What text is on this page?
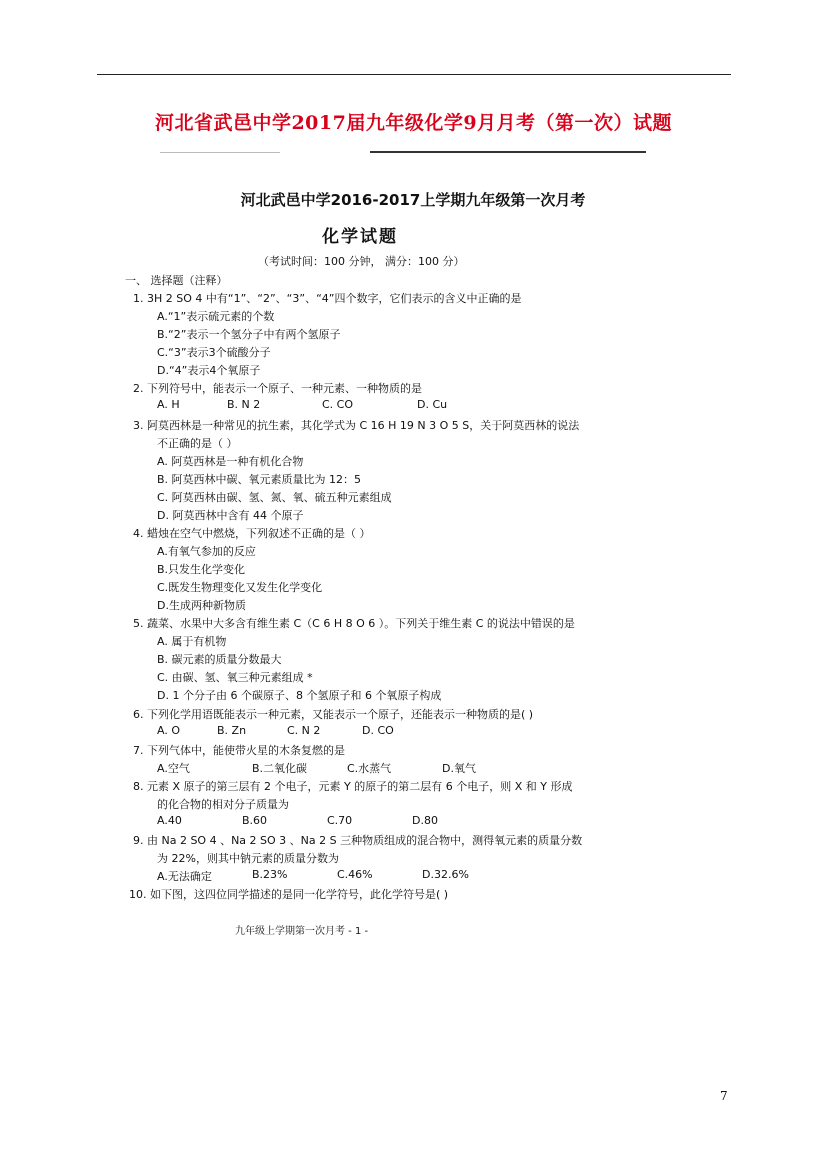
河北省武邑中学2017届九年级化学9月月考（第一次）试题
河北武邑中学2016-2017上学期九年级第一次月考
化学试题
（考试时间：100 分钟， 满分：100 分）
一、 选择题（注释）
1. 3H 2 SO 4 中有“1”、“2”、“3”、“4”四个数字，它们表示的含义中正确的是
A.“1”表示硫元素的个数
B.“2”表示一个氢分子中有两个氢原子
C.“3”表示3个硫酸分子
D.“4”表示4个氧原子
2. 下列符号中，能表示一个原子、一种元素、一种物质的是
A. H	B. N 2	C. CO	D. Cu
3. 阿莫西林是一种常见的抗生素，其化学式为 C 16 H 19 N 3 O 5 S，关于阿莫西林的说法
不正确的是（ ）
A. 阿莫西林是一种有机化合物
B. 阿莫西林中碳、氧元素质量比为 12：5
C. 阿莫西林由碳、氢、氮、氧、硫五种元素组成
D. 阿莫西林中含有 44 个原子
4. 蜡烛在空气中燃烧，下列叙述不正确的是（ ）
A.有氧气参加的反应
B.只发生化学变化
C.既发生物理变化又发生化学变化
D.生成两种新物质
5. 蔬菜、水果中大多含有维生素 C（C 6 H 8 O 6 ）。下列关于维生素 C 的说法中错误的是
A. 属于有机物
B. 碳元素的质量分数最大
C. 由碳、氢、氧三种元素组成 *
D. 1 个分子由 6 个碳原子、8 个氢原子和 6 个氧原子构成
6. 下列化学用语既能表示一种元素，又能表示一个原子，还能表示一种物质的是( )
A. O	B. Zn	C. N 2	D. CO
7. 下列气体中，能使带火星的木条复燃的是
A.空气	B.二氧化碳	C.水蒸气	D.氧气
8. 元素 X 原子的第三层有 2 个电子，元素 Y 的原子的第二层有 6 个电子，则 X 和 Y 形成
的化合物的相对分子质量为
A.40	B.60	C.70	D.80
9. 由 Na 2 SO 4 、Na 2 SO 3 、Na 2 S 三种物质组成的混合物中，测得氧元素的质量分数
为 22%，则其中钠元素的质量分数为
A.无法确定	B.23%	C.46%	D.32.6%
10. 如下图，这四位同学描述的是同一化学符号，此化学符号是( )
九年级上学期第一次月考 - 1 -
7
